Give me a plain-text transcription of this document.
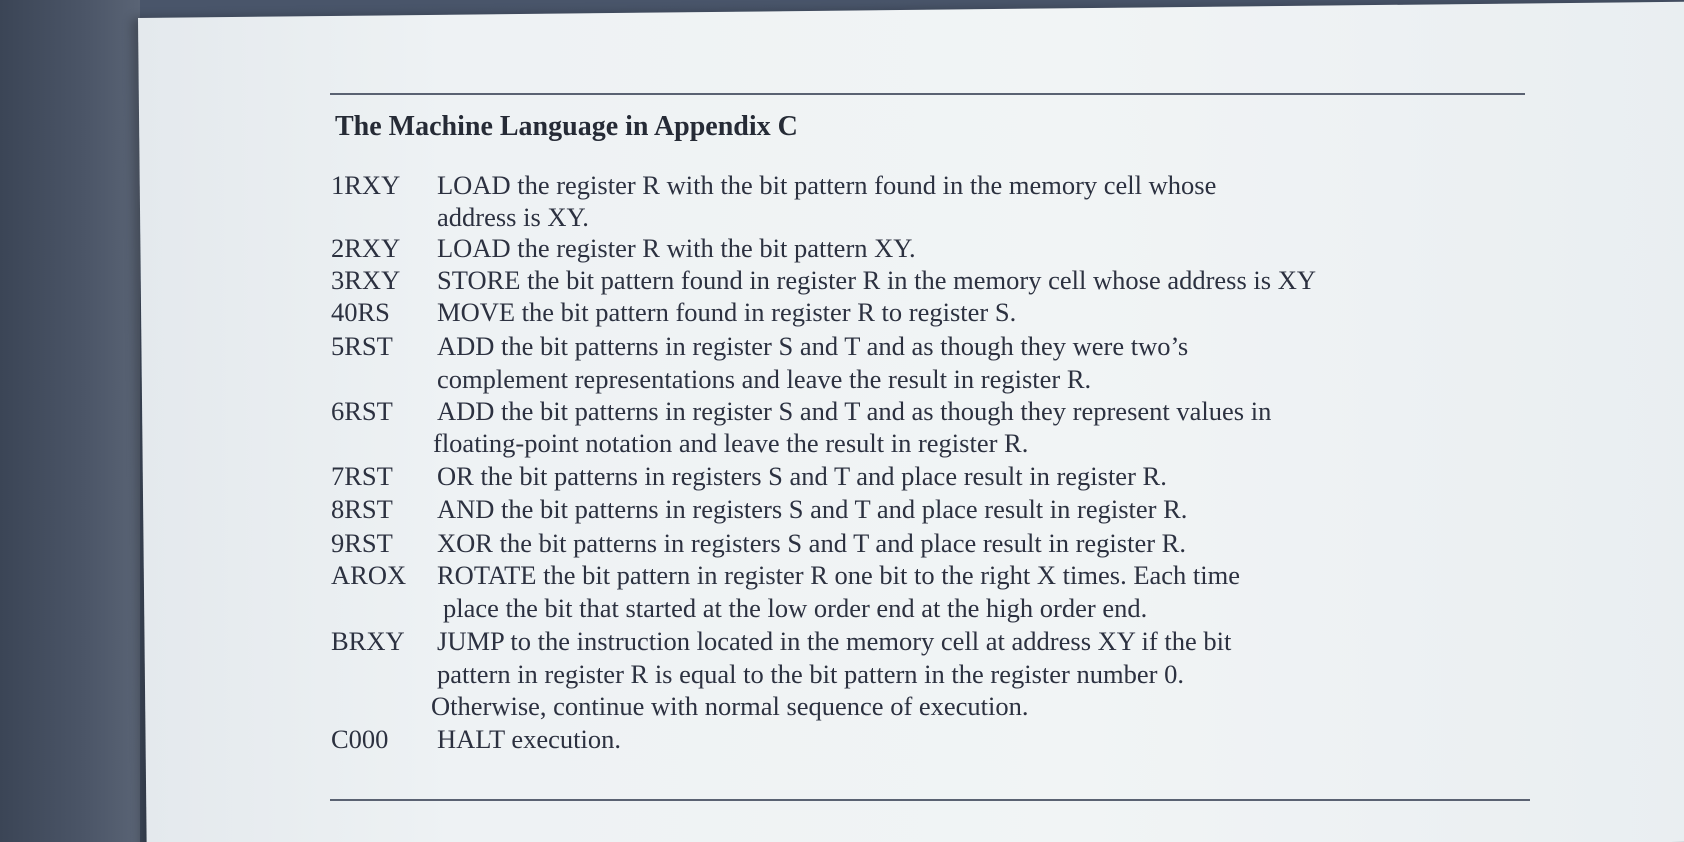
The Machine Language in Appendix C
1RXY LOAD the register R with the bit pattern found in the memory cell whose
address is XY.
2RXY LOAD the register R with the bit pattern XY.
3RXY STORE the bit pattern found in register R in the memory cell whose address is XY
40RS MOVE the bit pattern found in register R to register S.
5RST ADD the bit patterns in register S and T and as though they were two’s
complement representations and leave the result in register R.
6RST ADD the bit patterns in register S and T and as though they represent values in
floating-point notation and leave the result in register R.
7RST OR the bit patterns in registers S and T and place result in register R.
8RST AND the bit patterns in registers S and T and place result in register R.
9RST XOR the bit patterns in registers S and T and place result in register R.
AROX ROTATE the bit pattern in register R one bit to the right X times. Each time
place the bit that started at the low order end at the high order end.
BRXY JUMP to the instruction located in the memory cell at address XY if the bit
pattern in register R is equal to the bit pattern in the register number 0.
Otherwise, continue with normal sequence of execution.
C000 HALT execution.
